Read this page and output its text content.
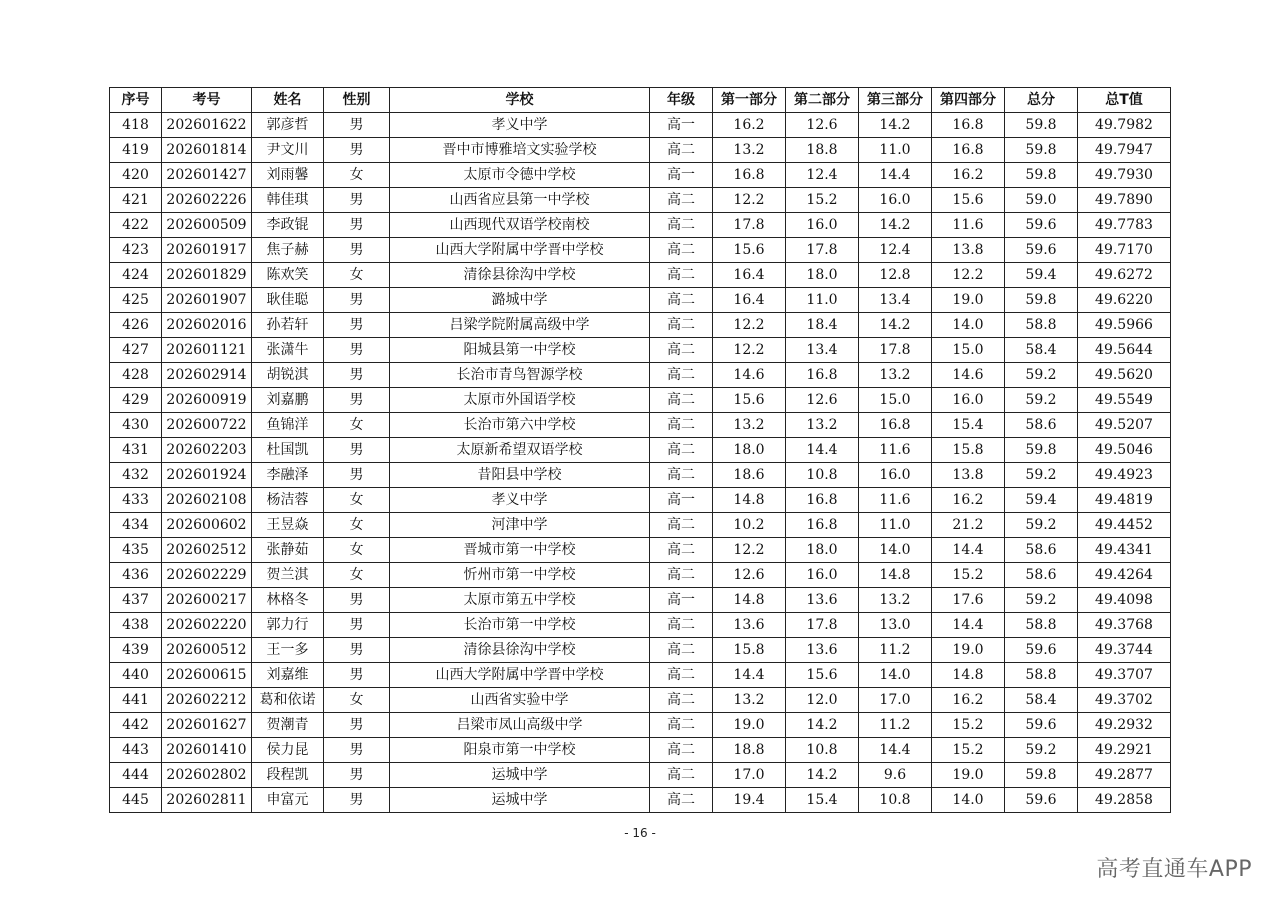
序号	考号	姓名	性别	学校	年级	第一部分	第二部分	第三部分	第四部分	总分	总T值
418	202601622	郭彦哲	男	孝义中学	高一	16.2	12.6	14.2	16.8	59.8	49.7982
419	202601814	尹文川	男	晋中市博雅培文实验学校	高二	13.2	18.8	11.0	16.8	59.8	49.7947
420	202601427	刘雨馨	女	太原市令德中学校	高一	16.8	12.4	14.4	16.2	59.8	49.7930
421	202602226	韩佳琪	男	山西省应县第一中学校	高二	12.2	15.2	16.0	15.6	59.0	49.7890
422	202600509	李政锟	男	山西现代双语学校南校	高二	17.8	16.0	14.2	11.6	59.6	49.7783
423	202601917	焦子赫	男	山西大学附属中学晋中学校	高二	15.6	17.8	12.4	13.8	59.6	49.7170
424	202601829	陈欢笑	女	清徐县徐沟中学校	高二	16.4	18.0	12.8	12.2	59.4	49.6272
425	202601907	耿佳聪	男	潞城中学	高二	16.4	11.0	13.4	19.0	59.8	49.6220
426	202602016	孙若轩	男	吕梁学院附属高级中学	高二	12.2	18.4	14.2	14.0	58.8	49.5966
427	202601121	张潇牛	男	阳城县第一中学校	高二	12.2	13.4	17.8	15.0	58.4	49.5644
428	202602914	胡锐淇	男	长治市青鸟智源学校	高二	14.6	16.8	13.2	14.6	59.2	49.5620
429	202600919	刘嘉鹏	男	太原市外国语学校	高二	15.6	12.6	15.0	16.0	59.2	49.5549
430	202600722	鱼锦洋	女	长治市第六中学校	高二	13.2	13.2	16.8	15.4	58.6	49.5207
431	202602203	杜国凯	男	太原新希望双语学校	高二	18.0	14.4	11.6	15.8	59.8	49.5046
432	202601924	李融泽	男	昔阳县中学校	高二	18.6	10.8	16.0	13.8	59.2	49.4923
433	202602108	杨洁蓉	女	孝义中学	高一	14.8	16.8	11.6	16.2	59.4	49.4819
434	202600602	王昱焱	女	河津中学	高二	10.2	16.8	11.0	21.2	59.2	49.4452
435	202602512	张静茹	女	晋城市第一中学校	高二	12.2	18.0	14.0	14.4	58.6	49.4341
436	202602229	贺兰淇	女	忻州市第一中学校	高二	12.6	16.0	14.8	15.2	58.6	49.4264
437	202600217	林格冬	男	太原市第五中学校	高一	14.8	13.6	13.2	17.6	59.2	49.4098
438	202602220	郭力行	男	长治市第一中学校	高二	13.6	17.8	13.0	14.4	58.8	49.3768
439	202600512	王一多	男	清徐县徐沟中学校	高二	15.8	13.6	11.2	19.0	59.6	49.3744
440	202600615	刘嘉维	男	山西大学附属中学晋中学校	高二	14.4	15.6	14.0	14.8	58.8	49.3707
441	202602212	葛和依诺	女	山西省实验中学	高二	13.2	12.0	17.0	16.2	58.4	49.3702
442	202601627	贺潮青	男	吕梁市凤山高级中学	高二	19.0	14.2	11.2	15.2	59.6	49.2932
443	202601410	侯力昆	男	阳泉市第一中学校	高二	18.8	10.8	14.4	15.2	59.2	49.2921
444	202602802	段程凯	男	运城中学	高二	17.0	14.2	9.6	19.0	59.8	49.2877
445	202602811	申富元	男	运城中学	高二	19.4	15.4	10.8	14.0	59.6	49.2858
- 16 -
高考直通车APP
